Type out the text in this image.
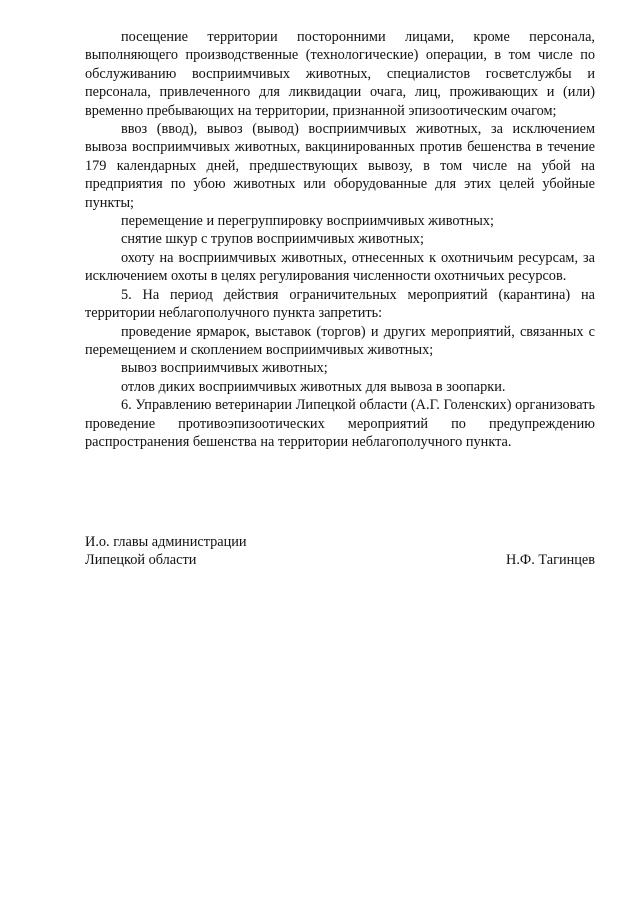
посещение территории посторонними лицами, кроме персонала, выполняющего производственные (технологические) операции, в том числе по обслуживанию восприимчивых животных, специалистов госветслужбы и персонала, привлеченного для ликвидации очага, лиц, проживающих и (или) временно пребывающих на территории, признанной эпизоотическим очагом;

ввоз (ввод), вывоз (вывод) восприимчивых животных, за исключением вывоза восприимчивых животных, вакцинированных против бешенства в течение 179 календарных дней, предшествующих вывозу, в том числе на убой на предприятия по убою животных или оборудованные для этих целей убойные пункты;

перемещение и перегруппировку восприимчивых животных;

снятие шкур с трупов восприимчивых животных;

охоту на восприимчивых животных, отнесенных к охотничьим ресурсам, за исключением охоты в целях регулирования численности охотничьих ресурсов.

5. На период действия ограничительных мероприятий (карантина) на территории неблагополучного пункта запретить:

проведение ярмарок, выставок (торгов) и других мероприятий, связанных с перемещением и скоплением восприимчивых животных;

вывоз восприимчивых животных;

отлов диких восприимчивых животных для вывоза в зоопарки.

6. Управлению ветеринарии Липецкой области (А.Г. Голенских) организовать проведение противоэпизоотических мероприятий по предупреждению распространения бешенства на территории неблагополучного пункта.

И.о. главы администрации

Липецкой области	Н.Ф. Тагинцев
